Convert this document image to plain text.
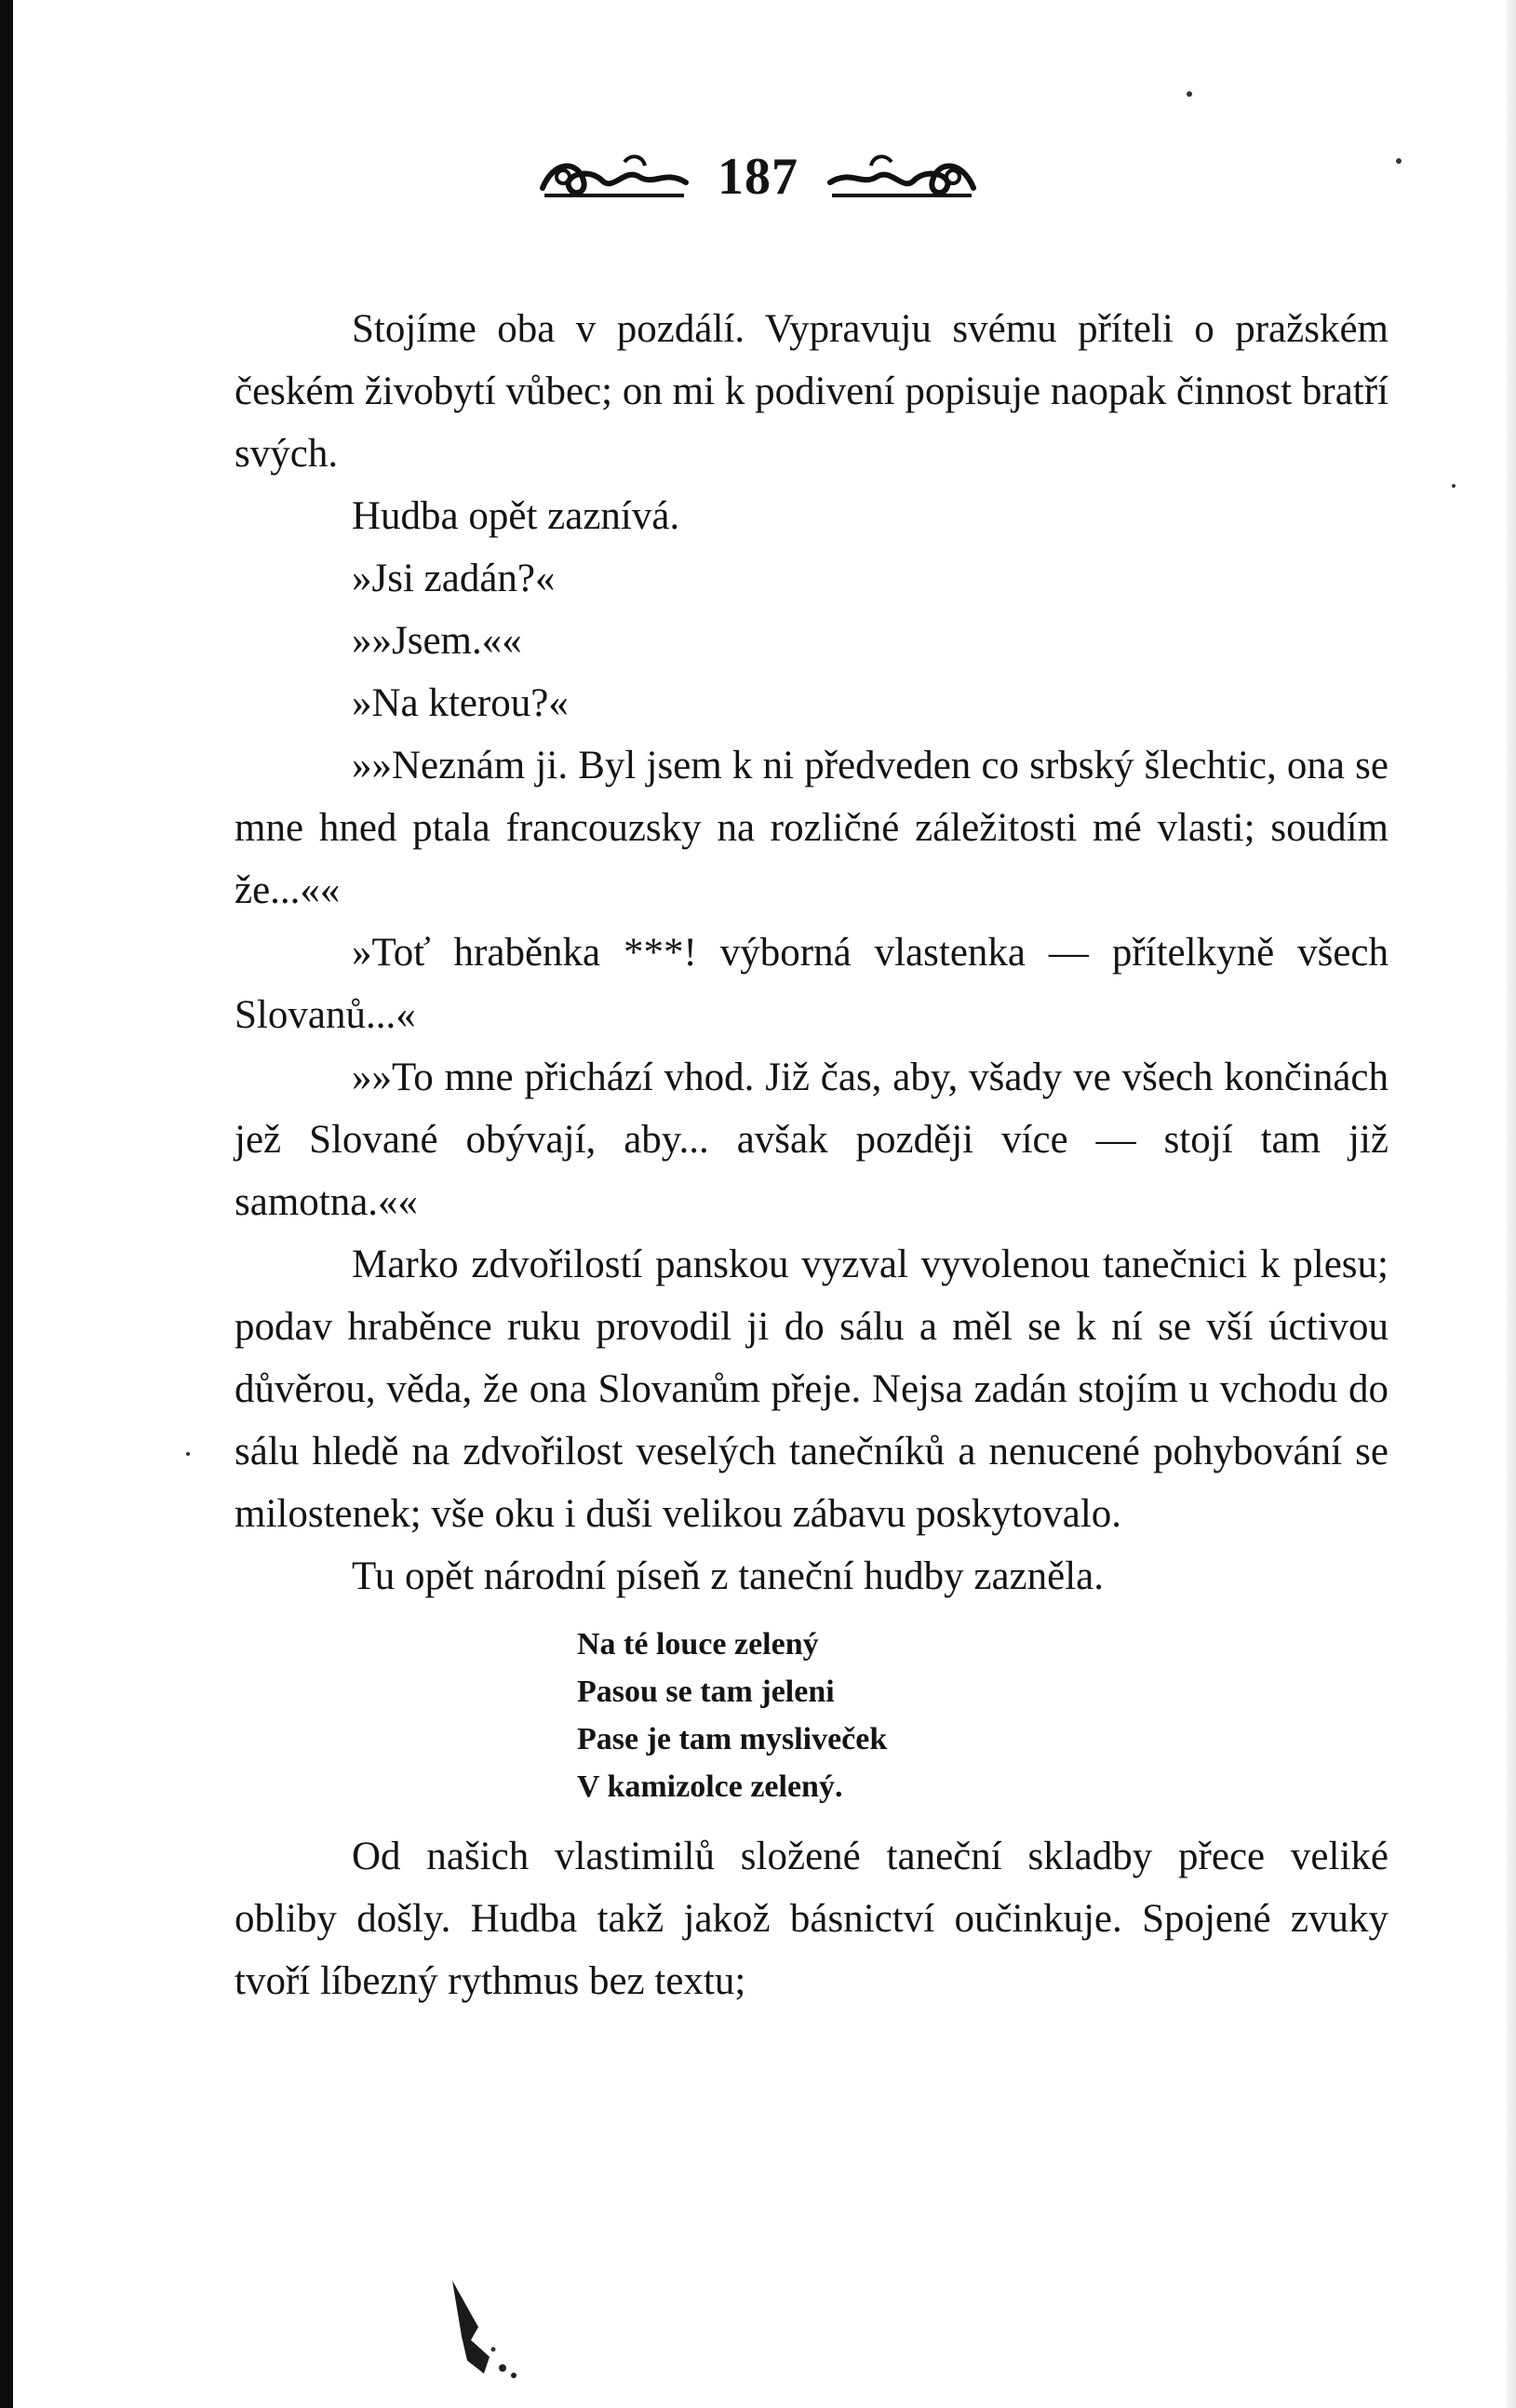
187

Stojíme oba v pozdálí. Vypravuju svému příteli o pražském českém živobytí vůbec; on mi k podivení popisuje naopak činnost bratří svých.

Hudba opět zaznívá.

»Jsi zadán?«

»»Jsem.««

»Na kterou?«

»»Neznám ji. Byl jsem k ni předveden co srbský šlechtic, ona se mne hned ptala francouzsky na rozličné záležitosti mé vlasti; soudím že...««

»Toť hraběnka ***! výborná vlastenka — přítelkyně všech Slovanů...«

»»To mne přichází vhod. Již čas, aby, všady ve všech končinách jež Slované obývají, aby... avšak později více — stojí tam již samotna.««

Marko zdvořilostí panskou vyzval vyvolenou tanečnici k plesu; podav hraběnce ruku provodil ji do sálu a měl se k ní se vší úctivou důvěrou, věda, že ona Slovanům přeje. Nejsa zadán stojím u vchodu do sálu hledě na zdvořilost veselých tanečníků a nenucené pohybování se milostenek; vše oku i duši velikou zábavu poskytovalo.

Tu opět národní píseň z taneční hudby zazněla.

Na té louce zelený
Pasou se tam jeleni
Pase je tam mysliveček
V kamizolce zelený.

Od našich vlastimilů složené taneční skladby přece veliké obliby došly. Hudba takž jakož básnictví oučinkuje. Spojené zvuky tvoří líbezný rythmus bez textu;
